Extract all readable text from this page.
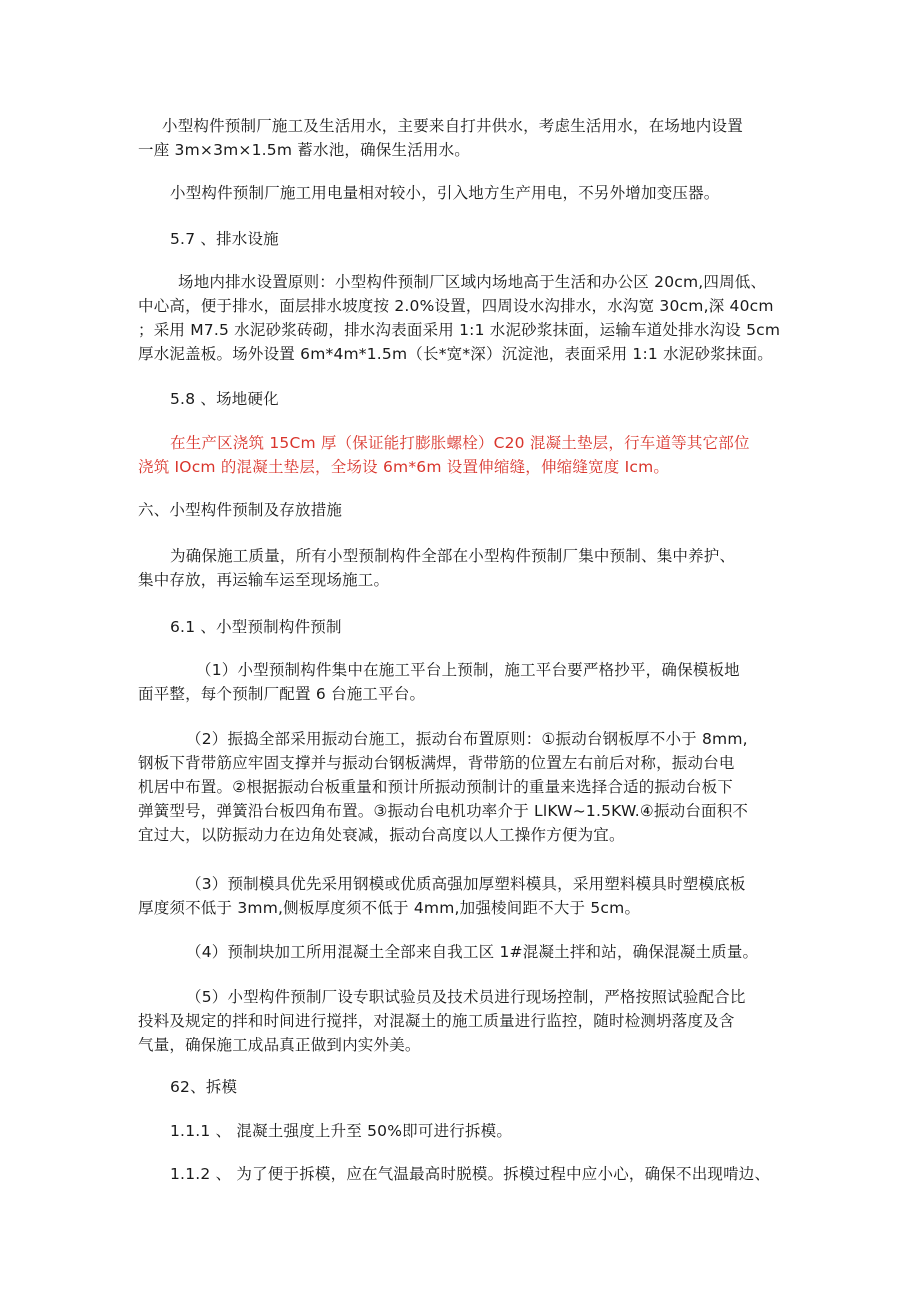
小型构件预制厂施工及生活用水，主要来自打井供水，考虑生活用水，在场地内设置
一座 3m×3m×1.5m 蓄水池，确保生活用水。
小型构件预制厂施工用电量相对较小，引入地方生产用电，不另外增加变压器。
5.7 、排水设施
场地内排水设置原则：小型构件预制厂区域内场地高于生活和办公区 20cm,四周低、
中心高，便于排水，面层排水坡度按 2.0%设置，四周设水沟排水，水沟宽 30cm,深 40cm
；采用 M7.5 水泥砂浆砖砌，排水沟表面采用 1:1 水泥砂浆抹面，运输车道处排水沟设 5cm
厚水泥盖板。场外设置 6m*4m*1.5m（长*宽*深）沉淀池，表面采用 1:1 水泥砂浆抹面。
5.8 、场地硬化
在生产区浇筑 15Cm 厚（保证能打膨胀螺栓）C20 混凝土垫层，行车道等其它部位
浇筑 IOcm 的混凝土垫层，全场设 6m*6m 设置伸缩缝，伸缩缝宽度 Icm。
六、小型构件预制及存放措施
为确保施工质量，所有小型预制构件全部在小型构件预制厂集中预制、集中养护、
集中存放，再运输车运至现场施工。
6.1 、小型预制构件预制
（1）小型预制构件集中在施工平台上预制，施工平台要严格抄平，确保模板地
面平整，每个预制厂配置 6 台施工平台。
（2）振捣全部采用振动台施工，振动台布置原则：①振动台钢板厚不小于 8mm,
钢板下背带筋应牢固支撑并与振动台钢板满焊，背带筋的位置左右前后对称，振动台电
机居中布置。②根据振动台板重量和预计所振动预制计的重量来选择合适的振动台板下
弹簧型号，弹簧沿台板四角布置。③振动台电机功率介于 LlKW~1.5KW.④振动台面积不
宜过大，以防振动力在边角处衰减，振动台高度以人工操作方便为宜。
（3）预制模具优先采用钢模或优质高强加厚塑料模具，采用塑料模具时塑模底板
厚度须不低于 3mm,侧板厚度须不低于 4mm,加强棱间距不大于 5cm。
（4）预制块加工所用混凝土全部来自我工区 1#混凝土拌和站，确保混凝土质量。
（5）小型构件预制厂设专职试验员及技术员进行现场控制，严格按照试验配合比
投料及规定的拌和时间进行搅拌，对混凝土的施工质量进行监控，随时检测坍落度及含
气量，确保施工成品真正做到内实外美。
62、拆模
1.1.1 、 混凝土强度上升至 50%即可进行拆模。
1.1.2 、 为了便于拆模，应在气温最高时脱模。拆模过程中应小心，确保不出现啃边、
